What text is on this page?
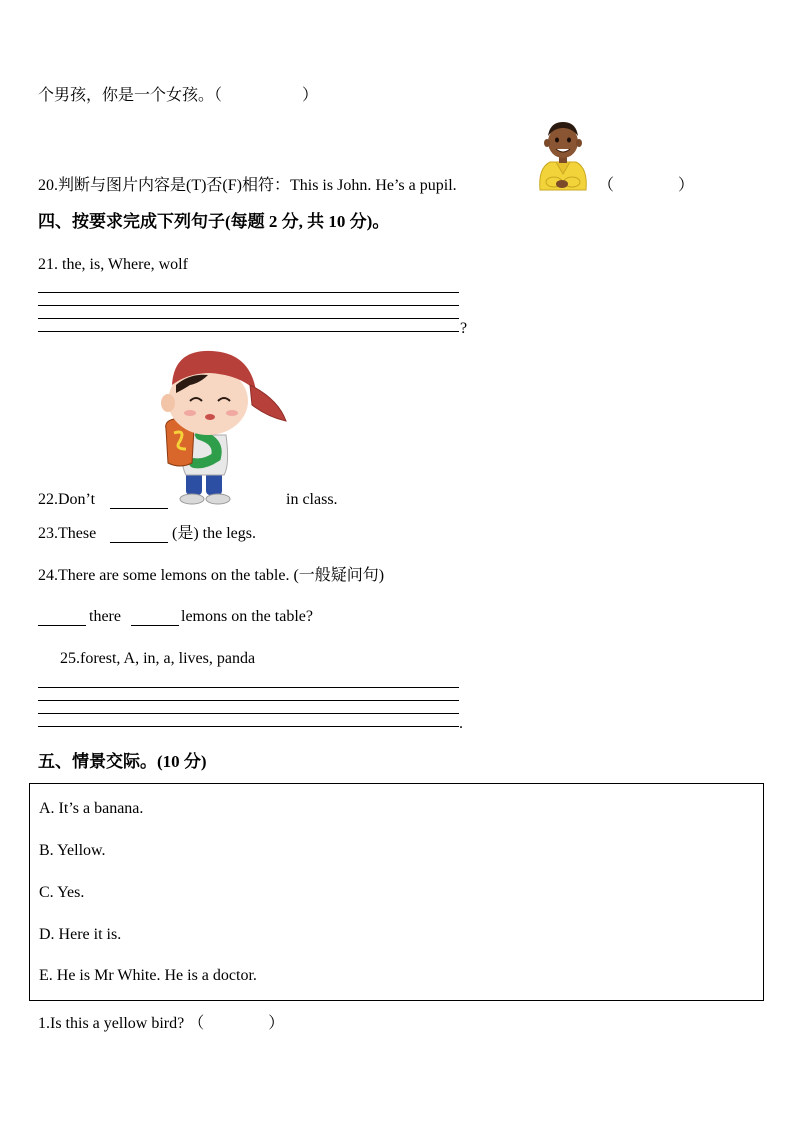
个男孩，你是一个女孩。（　　　　　）
20.判断与图片内容是(T)否(F)相符：This is John. He’s a pupil.	（　　　　）
四、按要求完成下列句子(每题 2 分, 共 10 分)。
21. the, is, Where, wolf
?
22.Don’t	in class.
23.These	(是) the legs.
24.There are some lemons on the table. (一般疑问句)
there	lemons on the table?
25.forest, A, in, a, lives, panda
.
五、情景交际。(10 分)
A. It’s a banana.
B. Yellow.
C. Yes.
D. Here it is.
E. He is Mr White. He is a doctor.
1.Is this a yellow bird? （　　　　）
